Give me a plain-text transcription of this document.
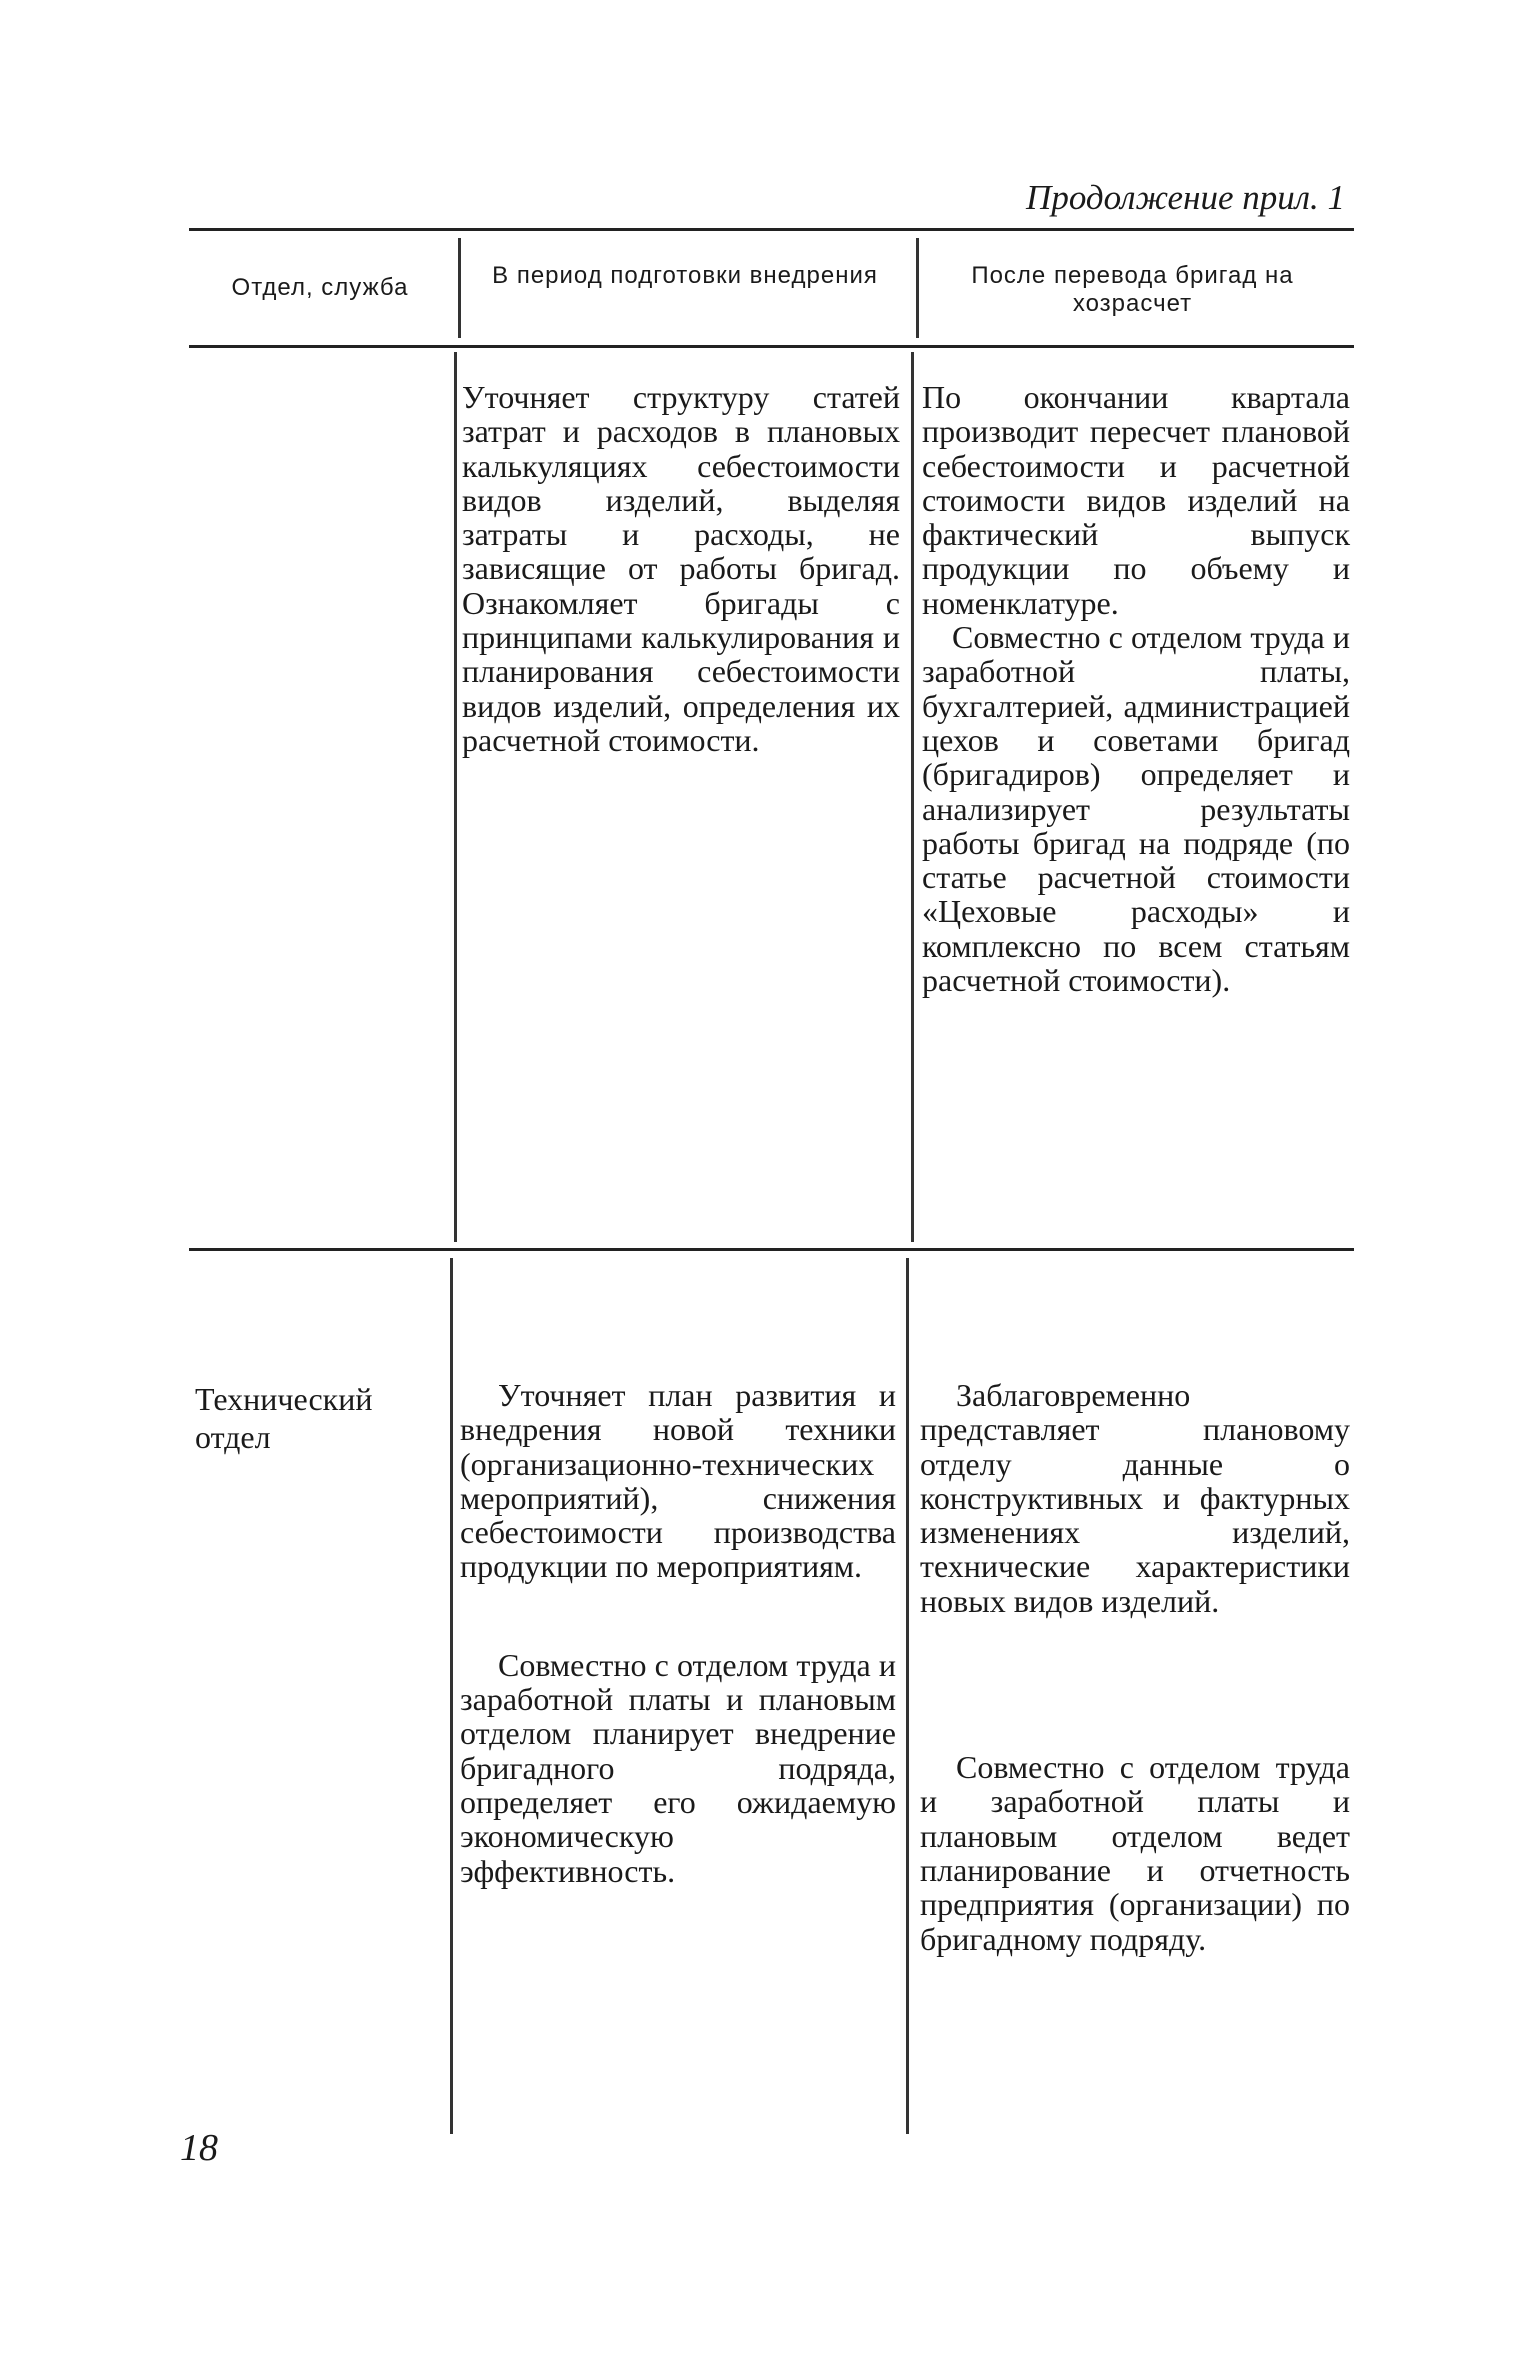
Продолжение прил. 1
Отдел, служба	В период подготовки внедрения	После перевода бригад на хозрасчет

Уточняет структуру статей затрат и расходов в плановых калькуляциях себестоимости видов изделий, выделяя затраты и расходы, не зависящие от работы бригад. Ознакомляет бригады с принципами калькулирования и планирования себестоимости видов изделий, определения их расчетной стоимости.

По окончании квартала производит пересчет плановой себестоимости и расчетной стоимости видов изделий на фактический выпуск продукции по объему и номенклатуре.

Совместно с отделом труда и заработной платы, бухгалтерией, администрацией цехов и советами бригад (бригадиров) определяет и анализирует результаты работы бригад на подряде (по статье расчетной стоимости «Цеховые расходы» и комплексно по всем статьям расчетной стоимости).

Технический отдел

Уточняет план развития и внедрения новой техники (организационно-технических мероприятий), снижения себестоимости производства продукции по мероприятиям.

Совместно с отделом труда и заработной платы и плановым отделом планирует внедрение бригадного подряда, определяет его ожидаемую экономическую эффективность.

Заблаговременно представляет плановому отделу данные о конструктивных и фактурных изменениях изделий, технические характеристики новых видов изделий.

Совместно с отделом труда и заработной платы и плановым отделом ведет планирование и отчетность предприятия (организации) по бригадному подряду.

18
